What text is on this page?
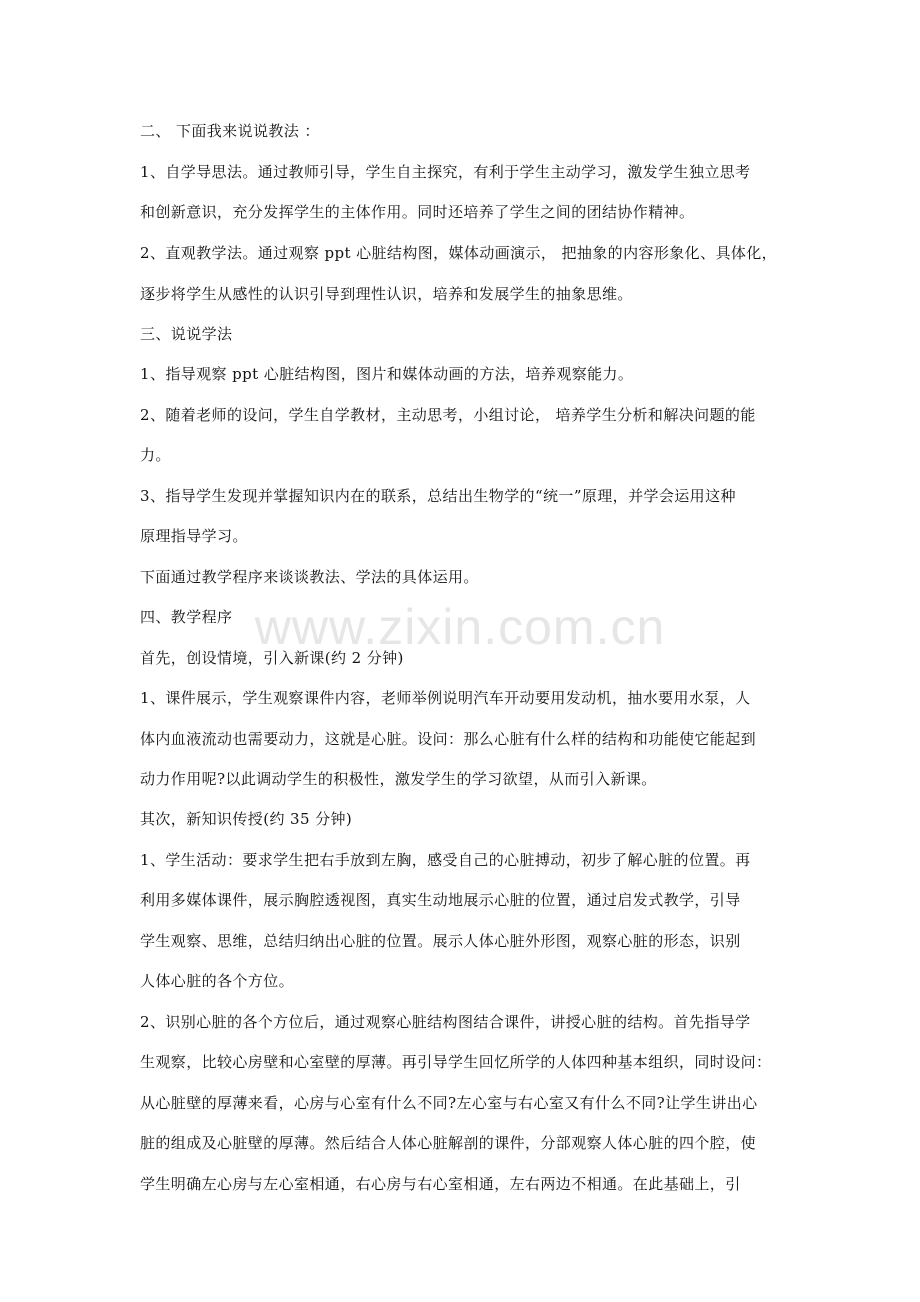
www.zixin.com.cn
二、 下面我来说说教法 ：
1、自学导思法。通过教师引导，学生自主探究，有利于学生主动学习，激发学生独立思考
和创新意识，充分发挥学生的主体作用。同时还培养了学生之间的团结协作精神。
2、直观教学法。通过观察 ppt 心脏结构图，媒体动画演示， 把抽象的内容形象化、具体化，
逐步将学生从感性的认识引导到理性认识，培养和发展学生的抽象思维。
三、说说学法
1、指导观察 ppt 心脏结构图，图片和媒体动画的方法，培养观察能力。
2、随着老师的设问，学生自学教材，主动思考，小组讨论， 培养学生分析和解决问题的能
力。
3、指导学生发现并掌握知识内在的联系，总结出生物学的“统一”原理，并学会运用这种
原理指导学习。
下面通过教学程序来谈谈教法、学法的具体运用。
四、教学程序
首先，创设情境，引入新课(约 2 分钟)
1、课件展示，学生观察课件内容，老师举例说明汽车开动要用发动机，抽水要用水泵，人
体内血液流动也需要动力，这就是心脏。设问：那么心脏有什么样的结构和功能使它能起到
动力作用呢?以此调动学生的积极性，激发学生的学习欲望，从而引入新课。
其次，新知识传授(约 35 分钟)
1、学生活动：要求学生把右手放到左胸，感受自己的心脏搏动，初步了解心脏的位置。再
利用多媒体课件，展示胸腔透视图，真实生动地展示心脏的位置，通过启发式教学，引导
学生观察、思维，总结归纳出心脏的位置。展示人体心脏外形图，观察心脏的形态，识别
人体心脏的各个方位。
2、识别心脏的各个方位后，通过观察心脏结构图结合课件，讲授心脏的结构。首先指导学
生观察，比较心房壁和心室壁的厚薄。再引导学生回忆所学的人体四种基本组织，同时设问：
从心脏壁的厚薄来看，心房与心室有什么不同?左心室与右心室又有什么不同?让学生讲出心
脏的组成及心脏壁的厚薄。然后结合人体心脏解剖的课件，分部观察人体心脏的四个腔，使
学生明确左心房与左心室相通，右心房与右心室相通，左右两边不相通。在此基础上，引
